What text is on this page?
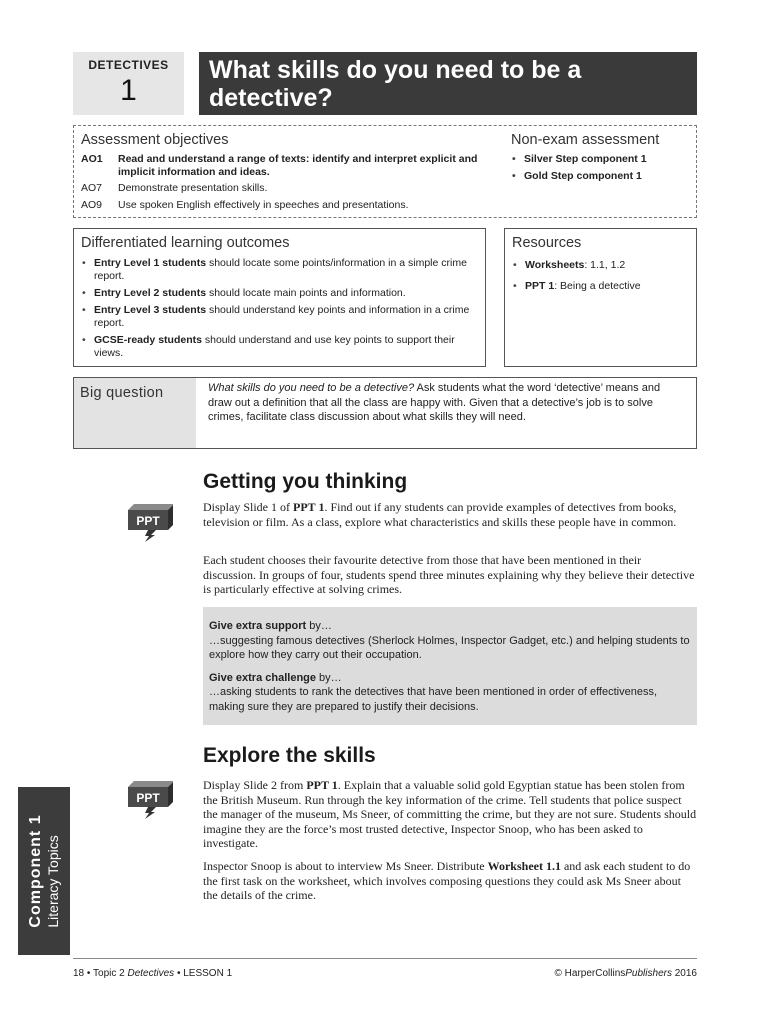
DETECTIVES
1
What skills do you need to be a detective?
Assessment objectives
AO1	Read and understand a range of texts: identify and interpret explicit and implicit information and ideas.
AO7	Demonstrate presentation skills.
AO9	Use spoken English effectively in speeches and presentations.
Non-exam assessment
• Silver Step component 1
• Gold Step component 1
Differentiated learning outcomes
• Entry Level 1 students should locate some points/information in a simple crime report.
• Entry Level 2 students should locate main points and information.
• Entry Level 3 students should understand key points and information in a crime report.
• GCSE-ready students should understand and use key points to support their views.
Resources
• Worksheets: 1.1, 1.2
• PPT 1: Being a detective
Big question	What skills do you need to be a detective? Ask students what the word ‘detective’ means and draw out a definition that all the class are happy with. Given that a detective’s job is to solve crimes, facilitate class discussion about what skills they will need.
Getting you thinking
PPT
Display Slide 1 of PPT 1. Find out if any students can provide examples of detectives from books, television or film. As a class, explore what characteristics and skills these people have in common.
Each student chooses their favourite detective from those that have been mentioned in their discussion. In groups of four, students spend three minutes explaining why they believe their detective is particularly effective at solving crimes.

Give extra support by…

…suggesting famous detectives (Sherlock Holmes, Inspector Gadget, etc.) and helping students to explore how they carry out their occupation.

Give extra challenge by…

…asking students to rank the detectives that have been mentioned in order of effectiveness, making sure they are prepared to justify their decisions.

Explore the skills
PPT
Display Slide 2 from PPT 1. Explain that a valuable solid gold Egyptian statue has been stolen from the British Museum. Run through the key information of the crime. Tell students that police suspect the manager of the museum, Ms Sneer, of committing the crime, but they are not sure. Students should imagine they are the force’s most trusted detective, Inspector Snoop, who has been asked to investigate.
Inspector Snoop is about to interview Ms Sneer. Distribute Worksheet 1.1 and ask each student to do the first task on the worksheet, which involves composing questions they could ask Ms Sneer about the details of the crime.
Component 1 Literacy Topics
18 • Topic 2 Detectives • LESSON 1	© HarperCollinsPublishers 2016
